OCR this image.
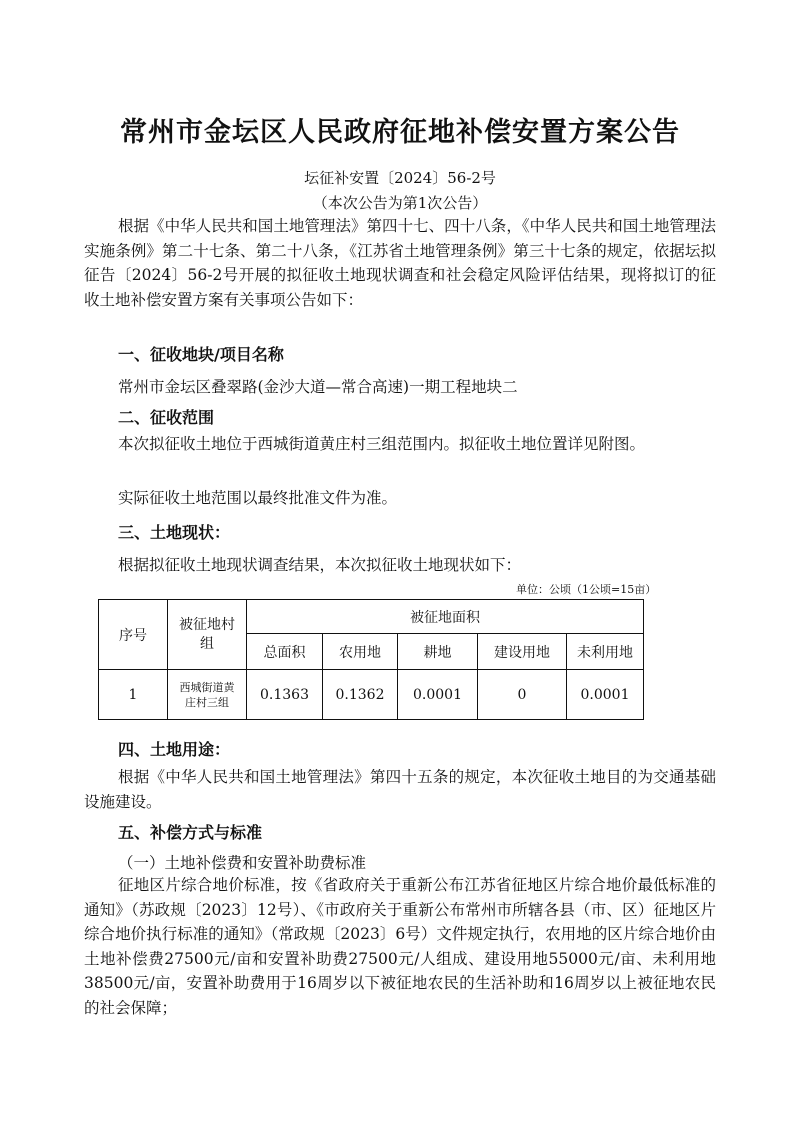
常州市金坛区人民政府征地补偿安置方案公告
坛征补安置〔2024〕56-2号
（本次公告为第1次公告）
根据《中华人民共和国土地管理法》第四十七、四十八条，《中华人民共和国土地管理法实施条例》第二十七条、第二十八条，《江苏省土地管理条例》第三十七条的规定，依据坛拟征告〔2024〕56-2号开展的拟征收土地现状调查和社会稳定风险评估结果，现将拟订的征收土地补偿安置方案有关事项公告如下：
一、征收地块/项目名称
常州市金坛区叠翠路(金沙大道—常合高速)一期工程地块二
二、征收范围
本次拟征收土地位于西城街道黄庄村三组范围内。拟征收土地位置详见附图。
实际征收土地范围以最终批准文件为准。
三、土地现状：
根据拟征收土地现状调查结果，本次拟征收土地现状如下：
单位：公顷（1公顷=15亩）
序号	被征地村组	被征地面积				
		总面积	农用地	耕地	建设用地	未利用地
1	西城街道黄庄村三组	0.1363	0.1362	0.0001	0	0.0001
四、土地用途：
根据《中华人民共和国土地管理法》第四十五条的规定，本次征收土地目的为交通基础设施建设。
五、补偿方式与标准
（一）土地补偿费和安置补助费标准
征地区片综合地价标准，按《省政府关于重新公布江苏省征地区片综合地价最低标准的通知》（苏政规〔2023〕12号）、《市政府关于重新公布常州市所辖各县（市、区）征地区片综合地价执行标准的通知》（常政规〔2023〕6号）文件规定执行，农用地的区片综合地价由土地补偿费27500元/亩和安置补助费27500元/人组成、建设用地55000元/亩、未利用地38500元/亩，安置补助费用于16周岁以下被征地农民的生活补助和16周岁以上被征地农民的社会保障；
